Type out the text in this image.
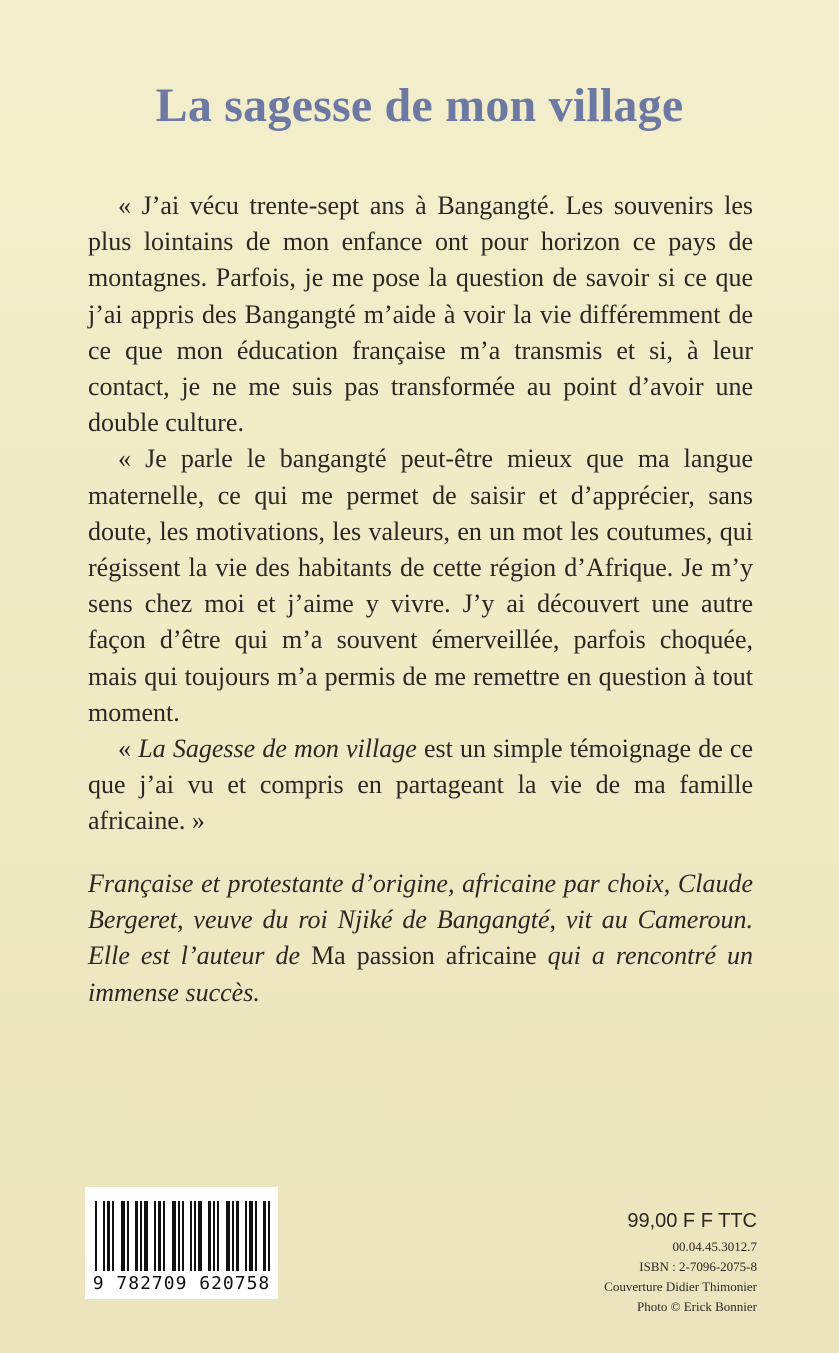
La sagesse de mon village

« J’ai vécu trente-sept ans à Bangangté. Les souvenirs les plus lointains de mon enfance ont pour horizon ce pays de montagnes. Parfois, je me pose la question de savoir si ce que j’ai appris des Bangangté m’aide à voir la vie différemment de ce que mon éducation française m’a transmis et si, à leur contact, je ne me suis pas transformée au point d’avoir une double culture.

« Je parle le bangangté peut-être mieux que ma langue maternelle, ce qui me permet de saisir et d’apprécier, sans doute, les motivations, les valeurs, en un mot les coutumes, qui régissent la vie des habitants de cette région d’Afrique. Je m’y sens chez moi et j’aime y vivre. J’y ai découvert une autre façon d’être qui m’a souvent émerveillée, parfois choquée, mais qui toujours m’a permis de me remettre en question à tout moment.

« La Sagesse de mon village est un simple témoignage de ce que j’ai vu et compris en partageant la vie de ma famille africaine. »

Française et protestante d’origine, africaine par choix, Claude Bergeret, veuve du roi Njiké de Bangangté, vit au Cameroun. Elle est l’auteur de Ma passion africaine qui a rencontré un immense succès.
9 782709 620758
99,00 F F TTC
00.04.45.3012.7
ISBN : 2-7096-2075-8
Couverture Didier Thimonier
Photo © Erick Bonnier
